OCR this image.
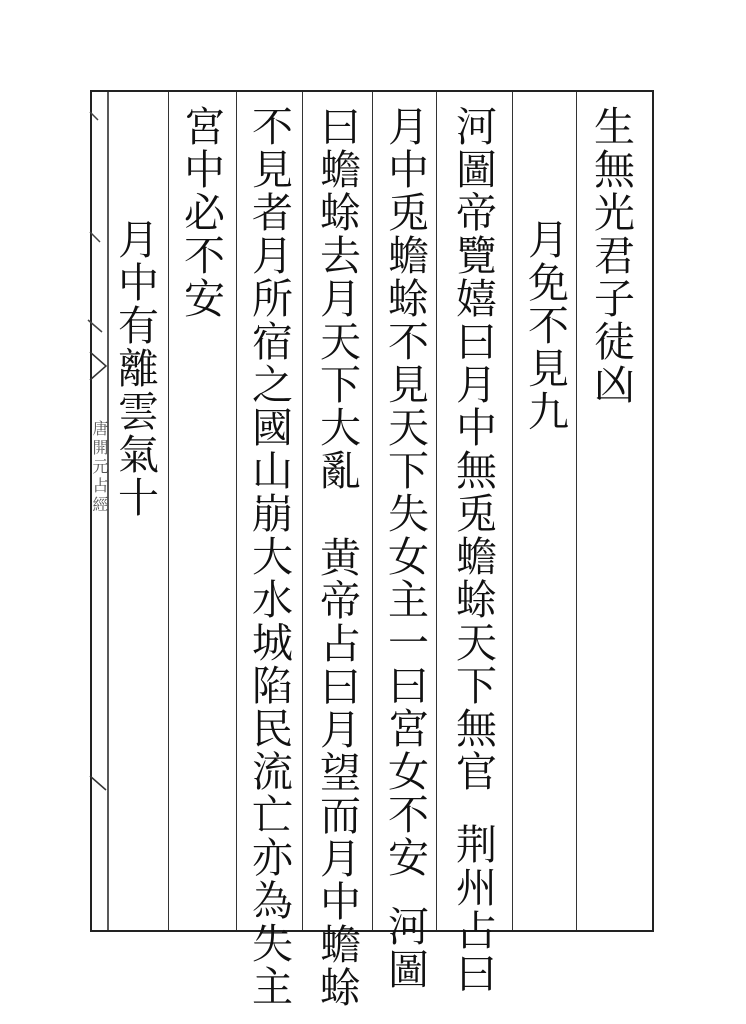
唐開元占經
生無光君子徒凶
月免不見九
河圖帝覽嬉曰月中無兎蟾蜍天下無官荆州占曰
月中兎蟾蜍不見天下失女主一曰宮女不安河圖
曰蟾蜍去月天下大亂黄帝占曰月望而月中蟾蜍
不見者月所宿之國山崩大水城陷民流亡亦為失主
宮中必不安
月中有離雲氣十
